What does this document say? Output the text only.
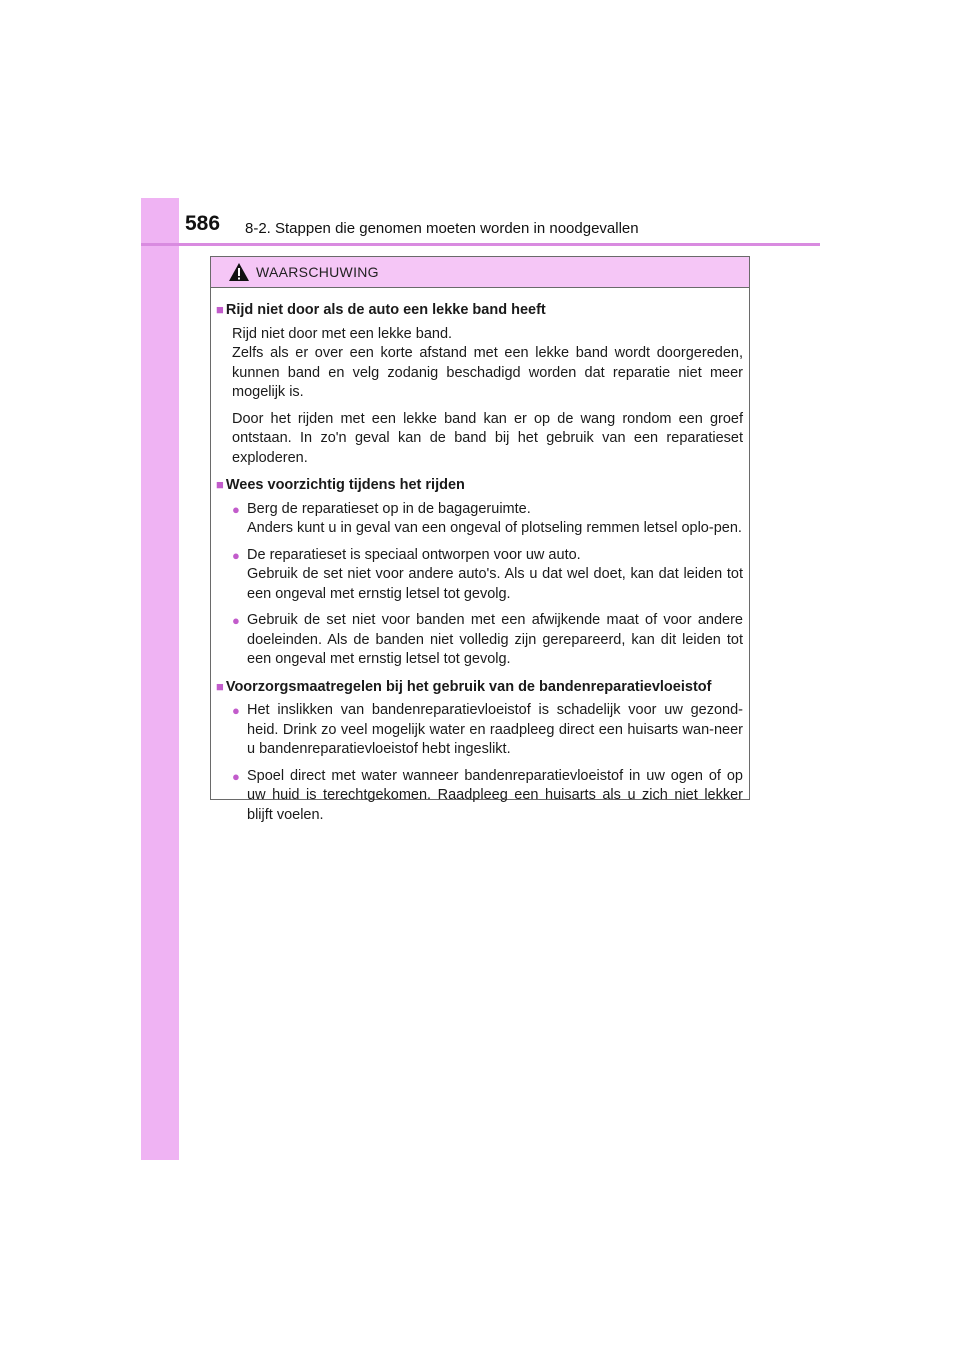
586 8-2. Stappen die genomen moeten worden in noodgevallen
WAARSCHUWING

■ Rijd niet door als de auto een lekke band heeft

Rijd niet door met een lekke band.
Zelfs als er over een korte afstand met een lekke band wordt doorgereden, kunnen band en velg zodanig beschadigd worden dat reparatie niet meer mogelijk is.

Door het rijden met een lekke band kan er op de wang rondom een groef ontstaan. In zo'n geval kan de band bij het gebruik van een reparatieset exploderen.

■ Wees voorzichtig tijdens het rijden

● Berg de reparatieset op in de bagageruimte.
Anders kunt u in geval van een ongeval of plotseling remmen letsel oplo-pen.
● De reparatieset is speciaal ontworpen voor uw auto.
Gebruik de set niet voor andere auto's. Als u dat wel doet, kan dat leiden tot een ongeval met ernstig letsel tot gevolg.
● Gebruik de set niet voor banden met een afwijkende maat of voor andere doeleinden. Als de banden niet volledig zijn gerepareerd, kan dit leiden tot een ongeval met ernstig letsel tot gevolg.

■ Voorzorgsmaatregelen bij het gebruik van de bandenreparatievloeistof

● Het inslikken van bandenreparatievloeistof is schadelijk voor uw gezond-heid. Drink zo veel mogelijk water en raadpleeg direct een huisarts wan-neer u bandenreparatievloeistof hebt ingeslikt.
● Spoel direct met water wanneer bandenreparatievloeistof in uw ogen of op uw huid is terechtgekomen. Raadpleeg een huisarts als u zich niet lekker blijft voelen.
